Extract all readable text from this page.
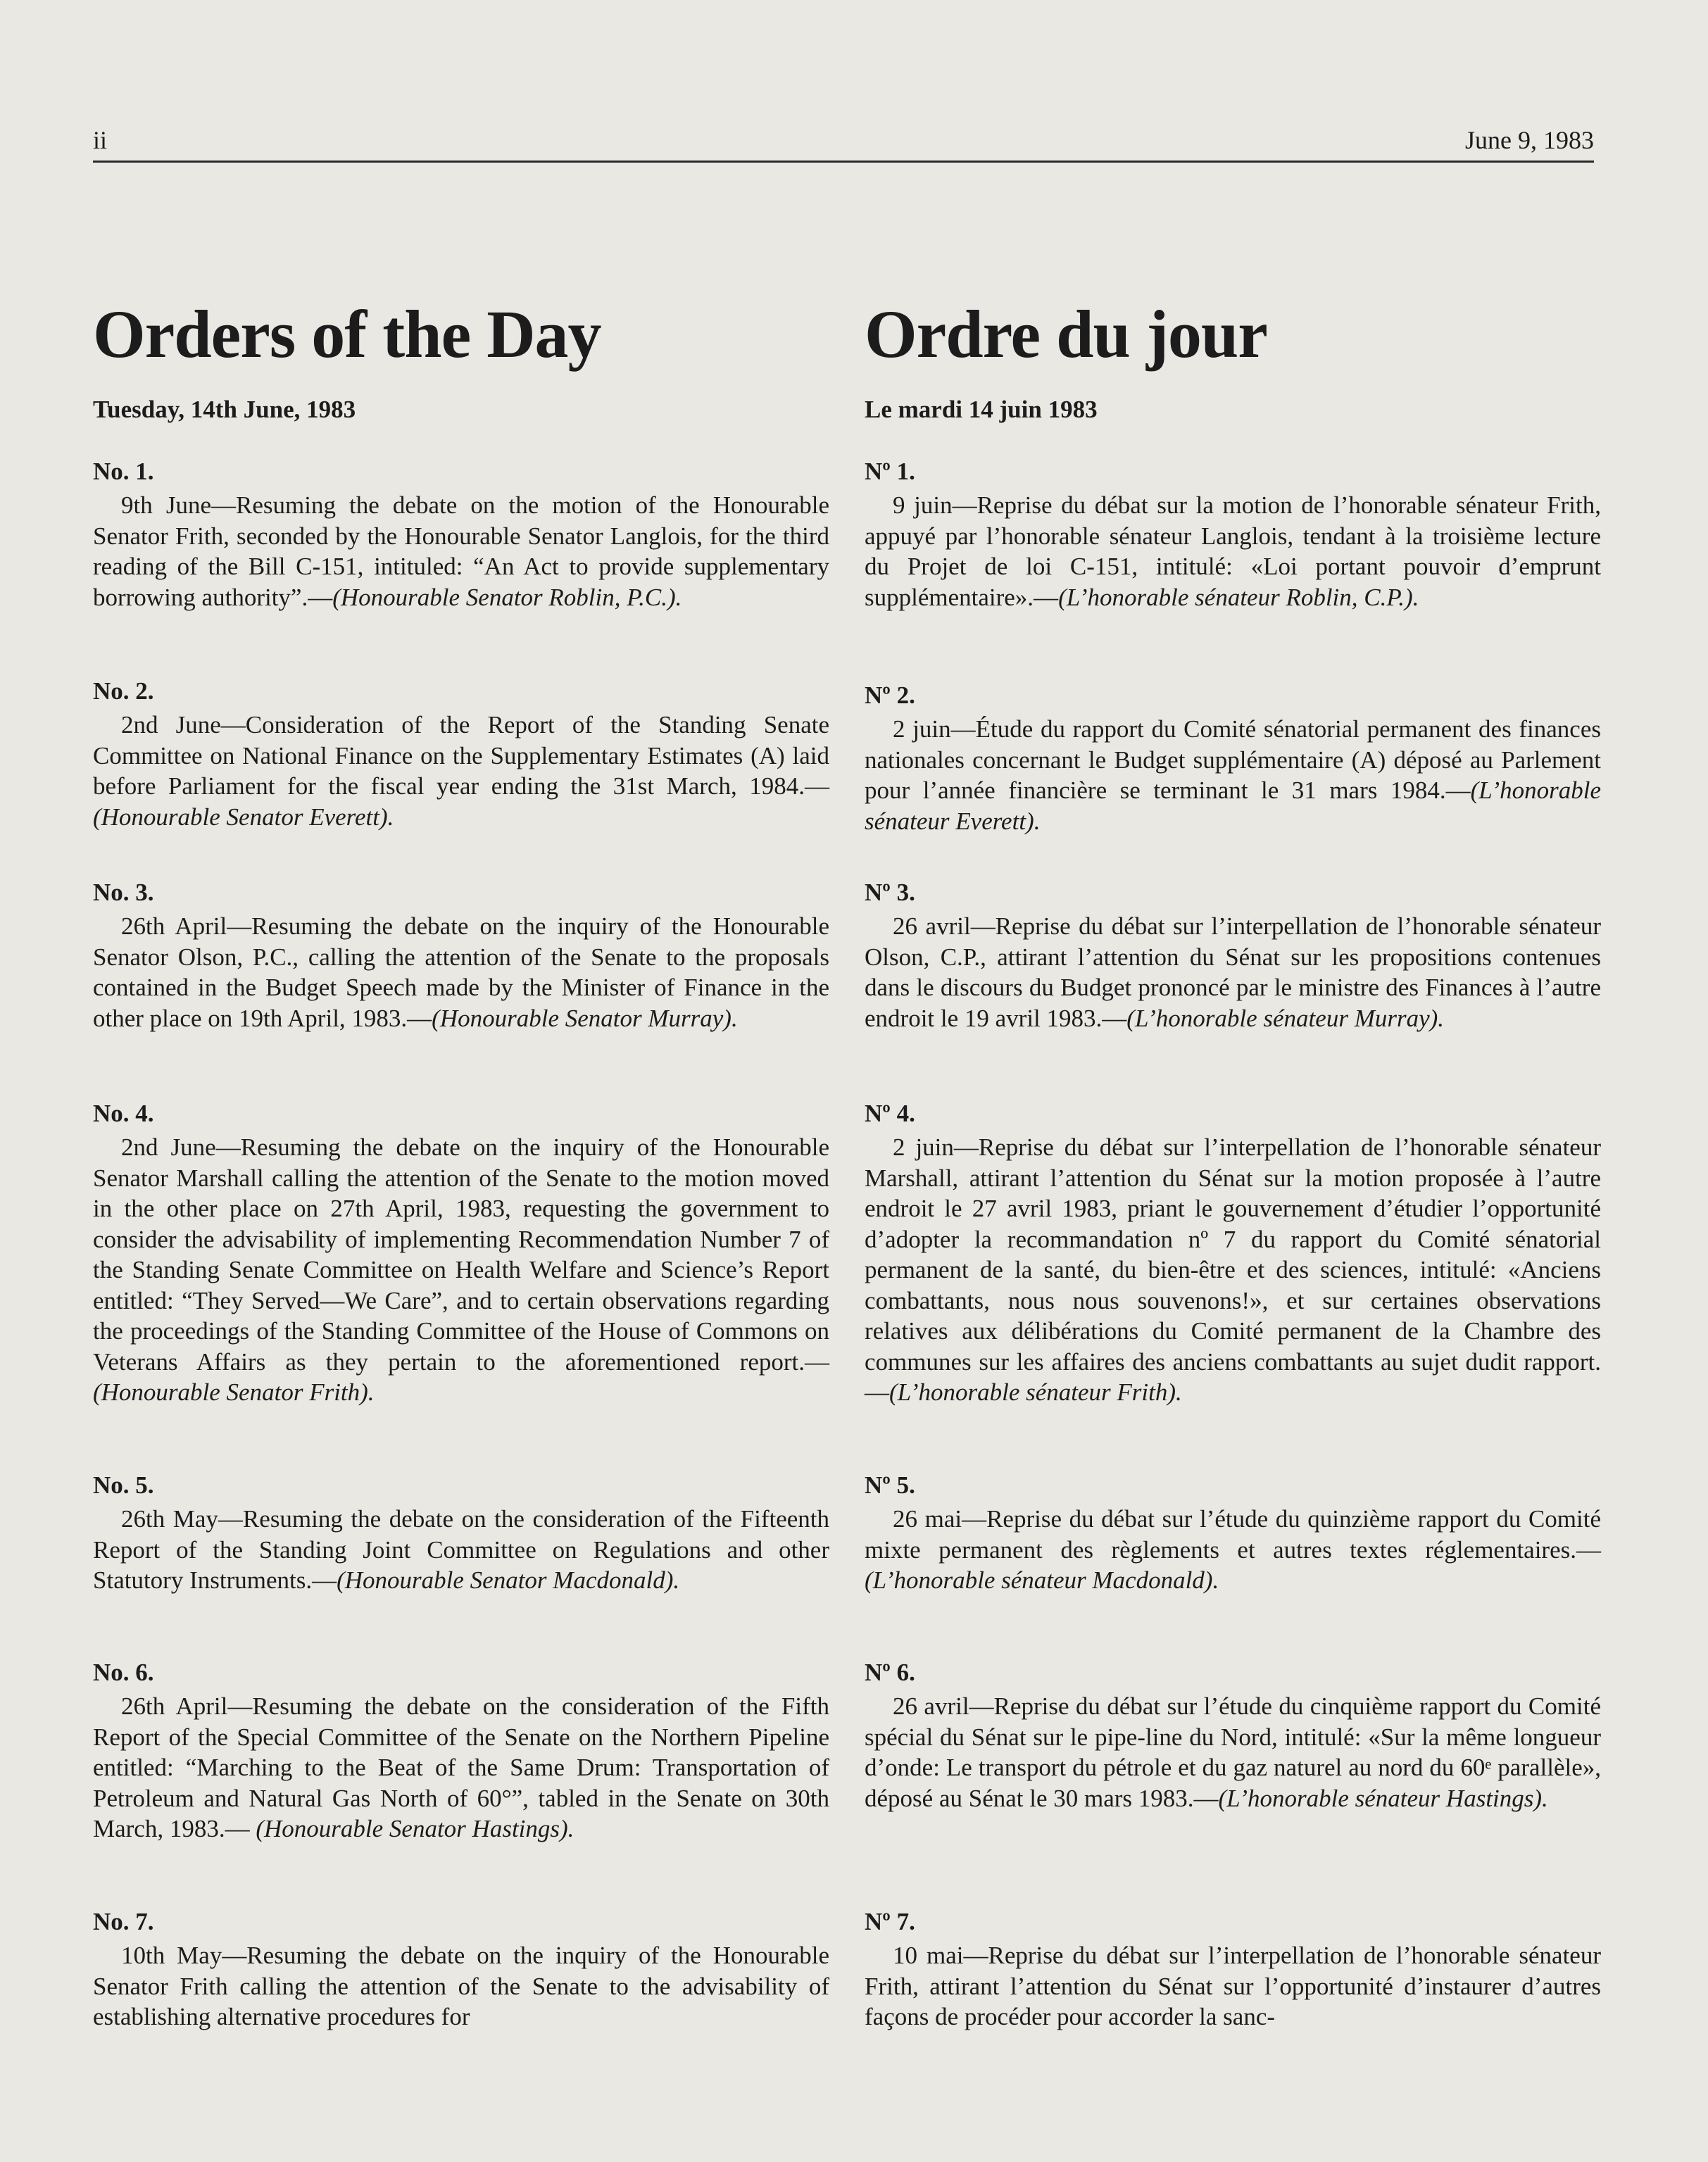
ii	June 9, 1983
Orders of the Day
Tuesday, 14th June, 1983
No. 1.
9th June—Resuming the debate on the motion of the Honourable Senator Frith, seconded by the Honourable Senator Langlois, for the third reading of the Bill C-151, intituled: “An Act to provide supplementary borrowing authority”.—(Honourable Senator Roblin, P.C.).
No. 2.
2nd June—Consideration of the Report of the Standing Senate Committee on National Finance on the Supplementary Estimates (A) laid before Parliament for the fiscal year ending the 31st March, 1984.—(Honourable Senator Everett).
No. 3.
26th April—Resuming the debate on the inquiry of the Honourable Senator Olson, P.C., calling the attention of the Senate to the proposals contained in the Budget Speech made by the Minister of Finance in the other place on 19th April, 1983.—(Honourable Senator Murray).
No. 4.
2nd June—Resuming the debate on the inquiry of the Honourable Senator Marshall calling the attention of the Senate to the motion moved in the other place on 27th April, 1983, requesting the government to consider the advisability of implementing Recommendation Number 7 of the Standing Senate Committee on Health Welfare and Science’s Report entitled: “They Served—We Care”, and to certain observations regarding the proceedings of the Standing Committee of the House of Commons on Veterans Affairs as they pertain to the aforementioned report.—(Honourable Senator Frith).
No. 5.
26th May—Resuming the debate on the consideration of the Fifteenth Report of the Standing Joint Committee on Regulations and other Statutory Instruments.—(Honourable Senator Macdonald).
No. 6.
26th April—Resuming the debate on the consideration of the Fifth Report of the Special Committee of the Senate on the Northern Pipeline entitled: “Marching to the Beat of the Same Drum: Transportation of Petroleum and Natural Gas North of 60°”, tabled in the Senate on 30th March, 1983.— (Honourable Senator Hastings).
No. 7.
10th May—Resuming the debate on the inquiry of the Honourable Senator Frith calling the attention of the Senate to the advisability of establishing alternative procedures for
Ordre du jour
Le mardi 14 juin 1983
Nº 1.
9 juin—Reprise du débat sur la motion de l’honorable sénateur Frith, appuyé par l’honorable sénateur Langlois, tendant à la troisième lecture du Projet de loi C-151, intitulé: «Loi portant pouvoir d’emprunt supplémentaire».—(L’honorable sénateur Roblin, C.P.).
Nº 2.
2 juin—Étude du rapport du Comité sénatorial permanent des finances nationales concernant le Budget supplémentaire (A) déposé au Parlement pour l’année financière se terminant le 31 mars 1984.—(L’honorable sénateur Everett).
Nº 3.
26 avril—Reprise du débat sur l’interpellation de l’honorable sénateur Olson, C.P., attirant l’attention du Sénat sur les propositions contenues dans le discours du Budget prononcé par le ministre des Finances à l’autre endroit le 19 avril 1983.—(L’honorable sénateur Murray).
Nº 4.
2 juin—Reprise du débat sur l’interpellation de l’honorable sénateur Marshall, attirant l’attention du Sénat sur la motion proposée à l’autre endroit le 27 avril 1983, priant le gouvernement d’étudier l’opportunité d’adopter la recommandation nº 7 du rapport du Comité sénatorial permanent de la santé, du bien-être et des sciences, intitulé: «Anciens combattants, nous nous souvenons!», et sur certaines observations relatives aux délibérations du Comité permanent de la Chambre des communes sur les affaires des anciens combattants au sujet dudit rapport.—(L’honorable sénateur Frith).
Nº 5.
26 mai—Reprise du débat sur l’étude du quinzième rapport du Comité mixte permanent des règlements et autres textes réglementaires.—(L’honorable sénateur Macdonald).
Nº 6.
26 avril—Reprise du débat sur l’étude du cinquième rapport du Comité spécial du Sénat sur le pipe-line du Nord, intitulé: «Sur la même longueur d’onde: Le transport du pétrole et du gaz naturel au nord du 60ᵉ parallèle», déposé au Sénat le 30 mars 1983.—(L’honorable sénateur Hastings).
Nº 7.
10 mai—Reprise du débat sur l’interpellation de l’honorable sénateur Frith, attirant l’attention du Sénat sur l’opportunité d’instaurer d’autres façons de procéder pour accorder la sanc-
